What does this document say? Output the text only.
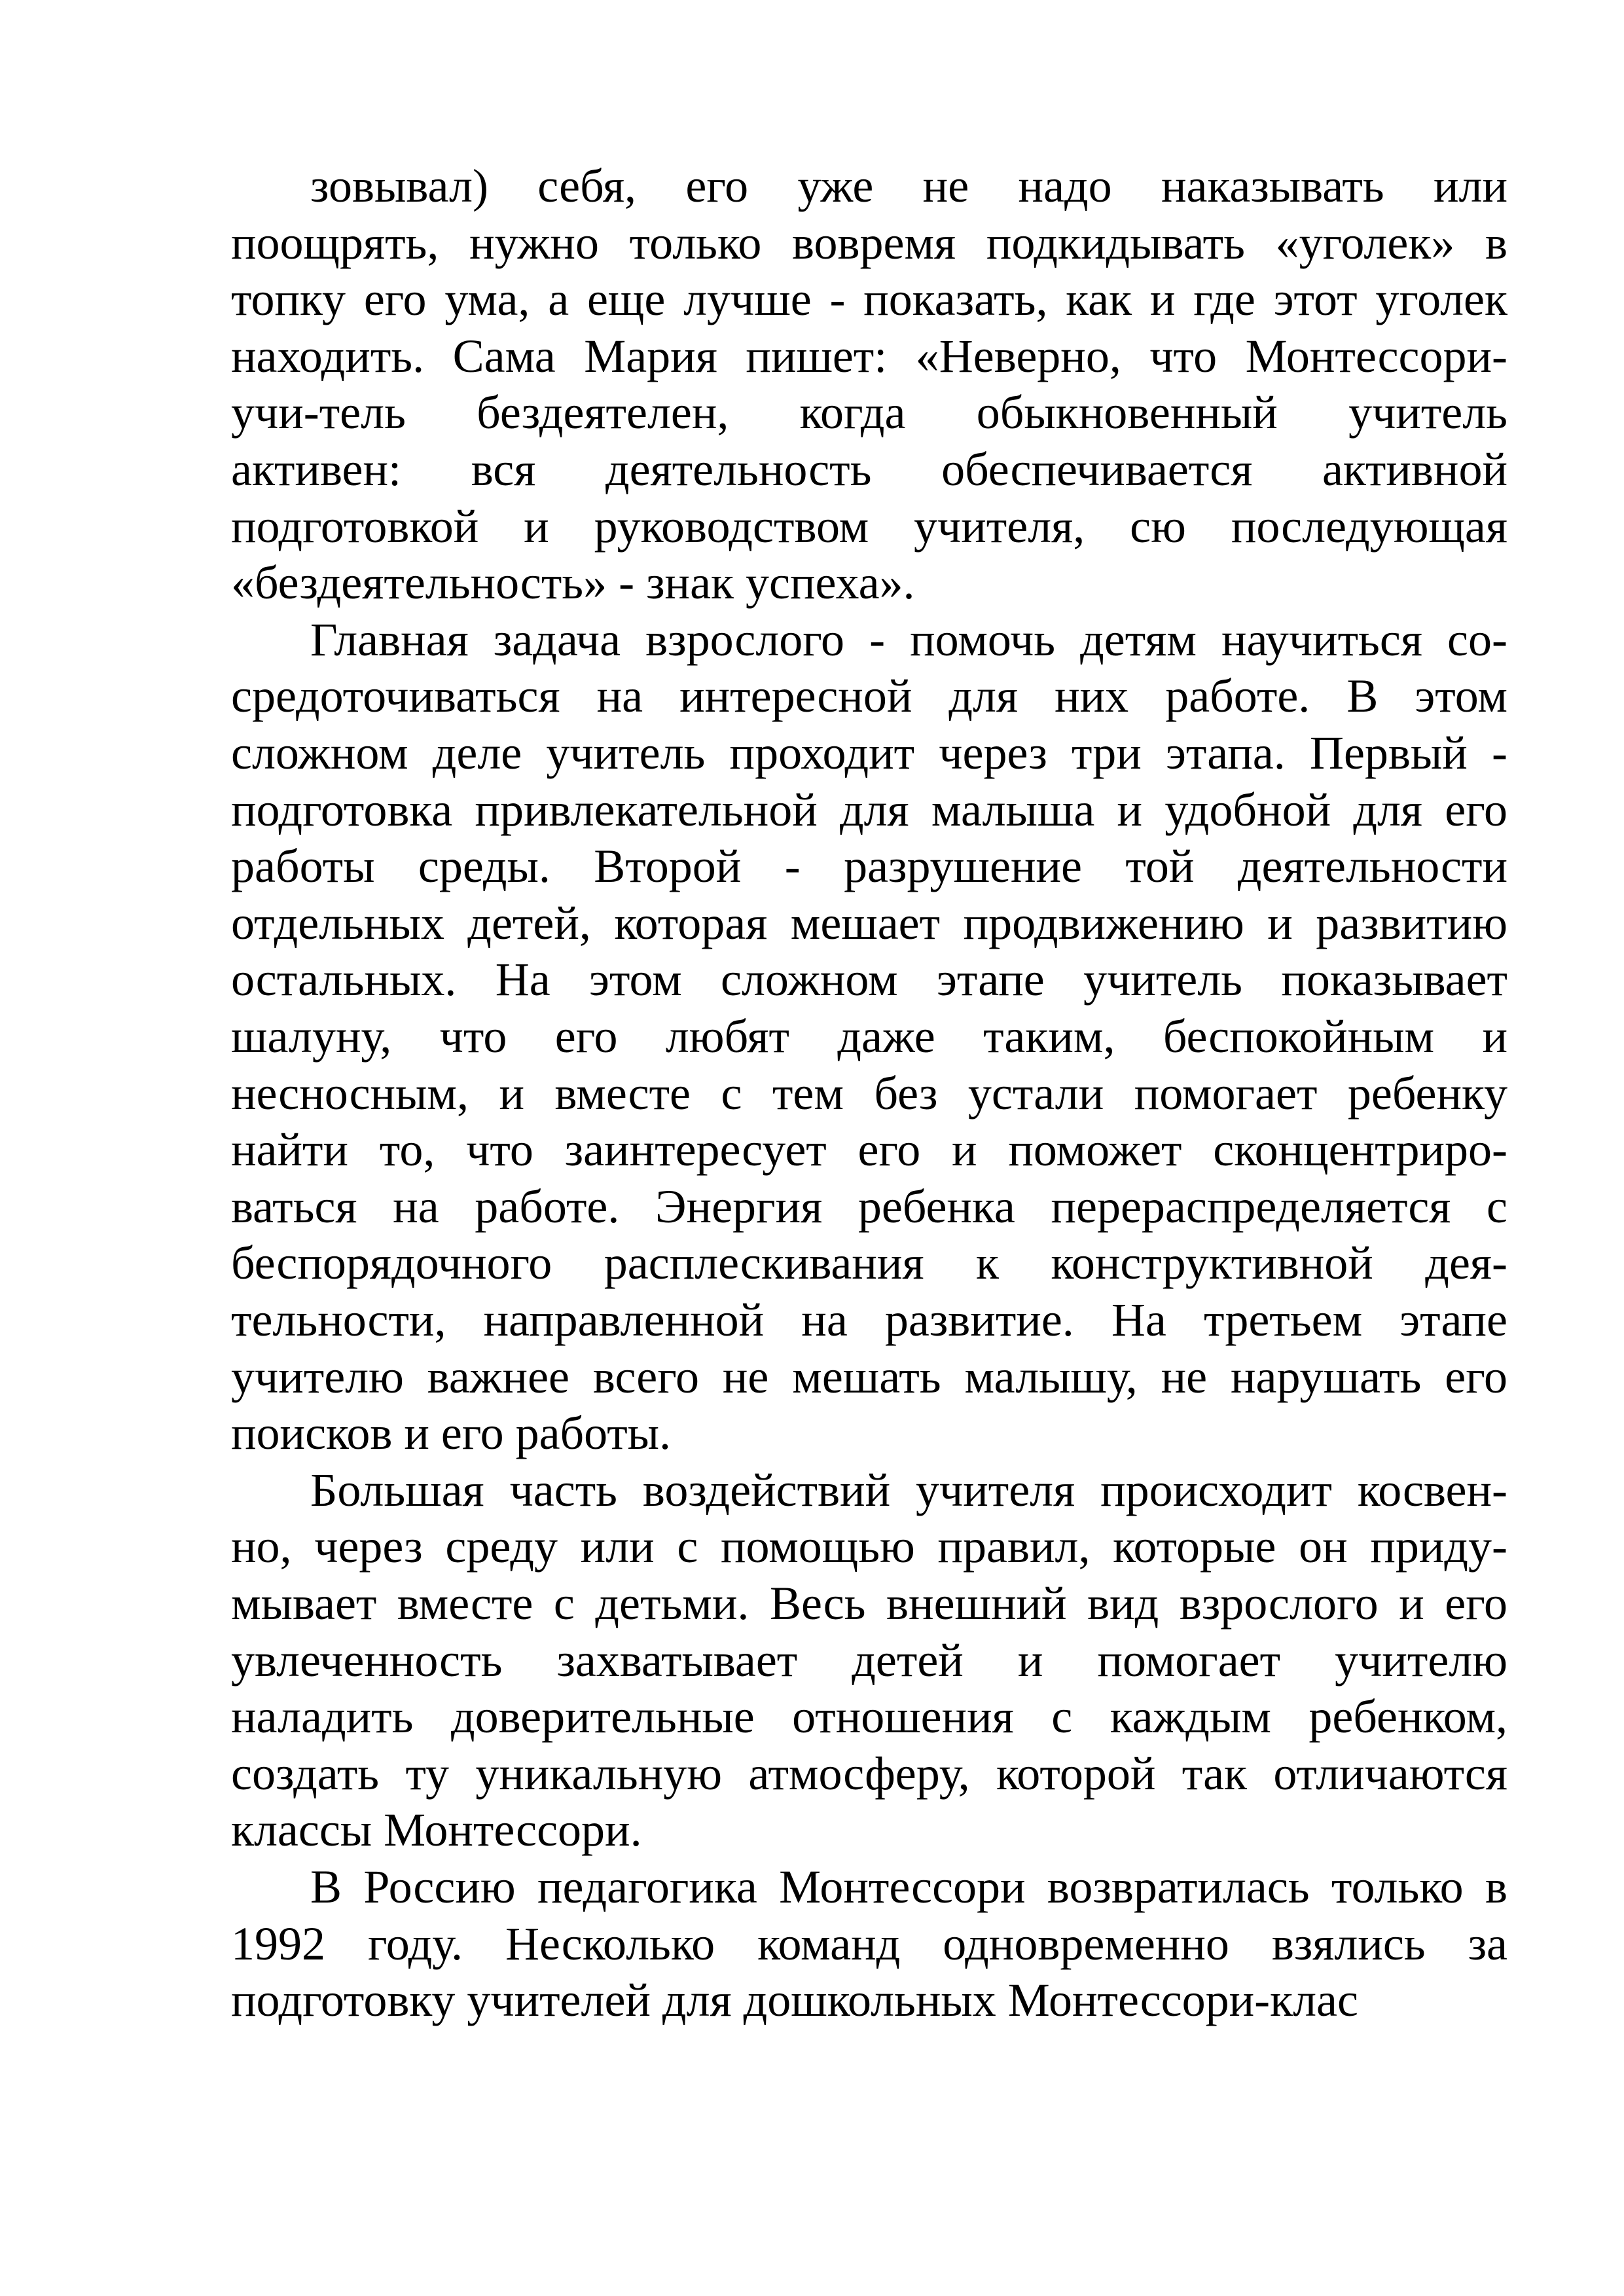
зовывал) себя, его уже не надо наказывать или
поощрять, нужно только вовремя подкидывать «уголек» в
топку его ума, а еще лучше - показать, как и где этот уголек
находить. Сама Мария пишет: «Неверно, что Монтессори-
учи-тель бездеятелен, когда обыкновенный учитель
активен: вся деятельность обеспечивается активной
подготовкой и руководством учителя, сю последующая
«бездеятельность» - знак успеха».
Главная задача взрослого - помочь детям научиться со-
средоточиваться на интересной для них работе. В этом
сложном деле учитель проходит через три этапа. Первый -
подготовка привлекательной для малыша и удобной для его
работы среды. Второй - разрушение той деятельности
отдельных детей, которая мешает продвижению и развитию
остальных. На этом сложном этапе учитель показывает
шалуну, что его любят даже таким, беспокойным и
несносным, и вместе с тем без устали помогает ребенку
найти то, что заинтересует его и поможет сконцентриро-
ваться на работе. Энергия ребенка перераспределяется с
беспорядочного расплескивания к конструктивной дея-
тельности, направленной на развитие. На третьем этапе
учителю важнее всего не мешать малышу, не нарушать его
поисков и его работы.
Большая часть воздействий учителя происходит косвен-
но, через среду или с помощью правил, которые он приду-
мывает вместе с детьми. Весь внешний вид взрослого и его
увлеченность захватывает детей и помогает учителю
наладить доверительные отношения с каждым ребенком,
создать ту уникальную атмосферу, которой так отличаются
классы Монтессори.
В Россию педагогика Монтессори возвратилась только в
1992 году. Несколько команд одновременно взялись за
подготовку учителей для дошкольных Монтессори-клас
